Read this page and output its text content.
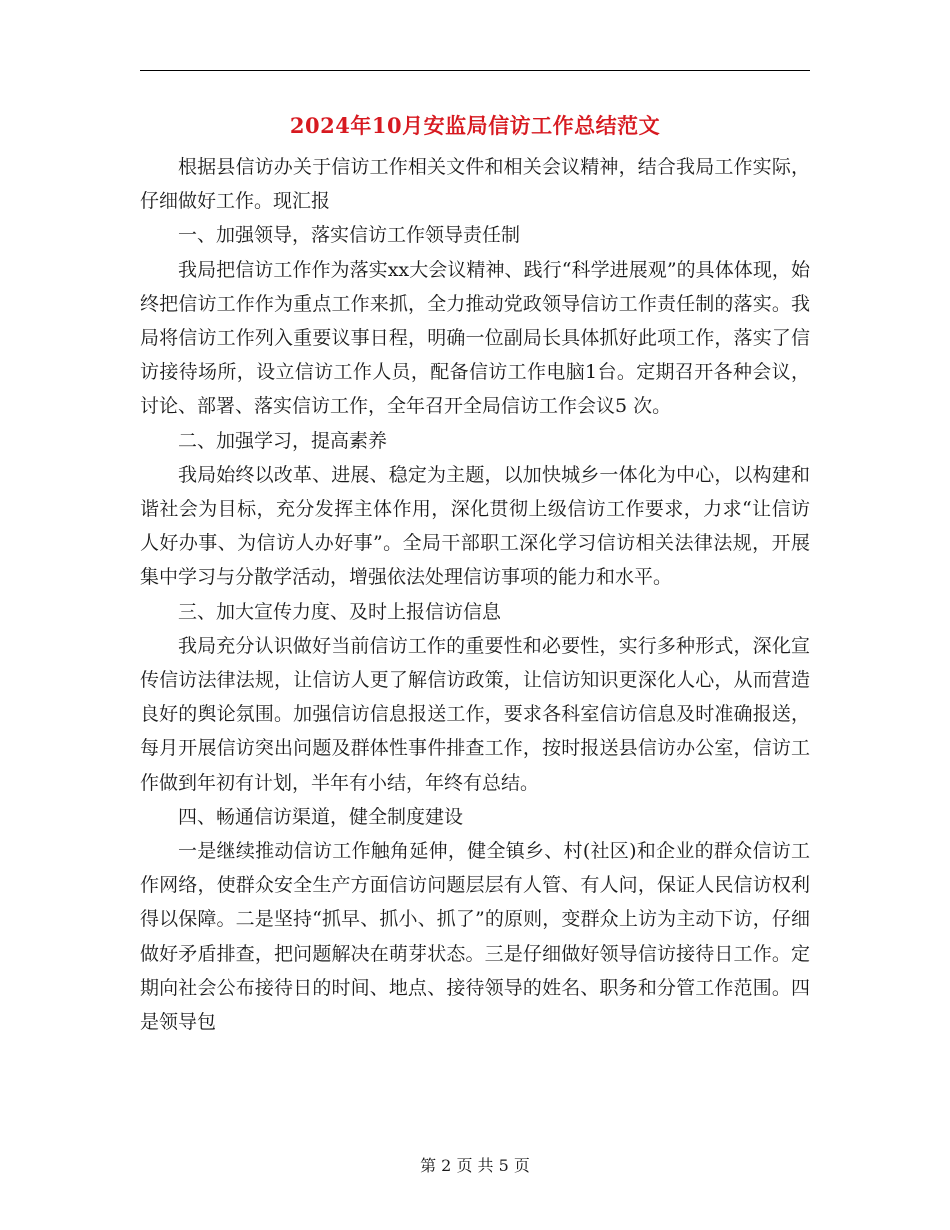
2024年10月安监局信访工作总结范文

根据县信访办关于信访工作相关文件和相关会议精神，结合我局工作实际，仔细做好工作。现汇报

一、加强领导，落实信访工作领导责任制

我局把信访工作作为落实xx大会议精神、践行“科学进展观”的具体体现，始终把信访工作作为重点工作来抓，全力推动党政领导信访工作责任制的落实。我局将信访工作列入重要议事日程，明确一位副局长具体抓好此项工作，落实了信访接待场所，设立信访工作人员，配备信访工作电脑1台。定期召开各种会议，讨论、部署、落实信访工作，全年召开全局信访工作会议5 次。

二、加强学习，提高素养

我局始终以改革、进展、稳定为主题，以加快城乡一体化为中心，以构建和谐社会为目标，充分发挥主体作用，深化贯彻上级信访工作要求，力求“让信访人好办事、为信访人办好事”。全局干部职工深化学习信访相关法律法规，开展集中学习与分散学活动，增强依法处理信访事项的能力和水平。

三、加大宣传力度、及时上报信访信息

我局充分认识做好当前信访工作的重要性和必要性，实行多种形式，深化宣传信访法律法规，让信访人更了解信访政策，让信访知识更深化人心，从而营造良好的舆论氛围。加强信访信息报送工作，要求各科室信访信息及时准确报送，每月开展信访突出问题及群体性事件排查工作，按时报送县信访办公室，信访工作做到年初有计划，半年有小结，年终有总结。

四、畅通信访渠道，健全制度建设

一是继续推动信访工作触角延伸，健全镇乡、村(社区)和企业的群众信访工作网络，使群众安全生产方面信访问题层层有人管、有人问，保证人民信访权利得以保障。二是坚持“抓早、抓小、抓了”的原则，变群众上访为主动下访，仔细做好矛盾排查，把问题解决在萌芽状态。三是仔细做好领导信访接待日工作。定期向社会公布接待日的时间、地点、接待领导的姓名、职务和分管工作范围。四是领导包

第 2 页 共 5 页
